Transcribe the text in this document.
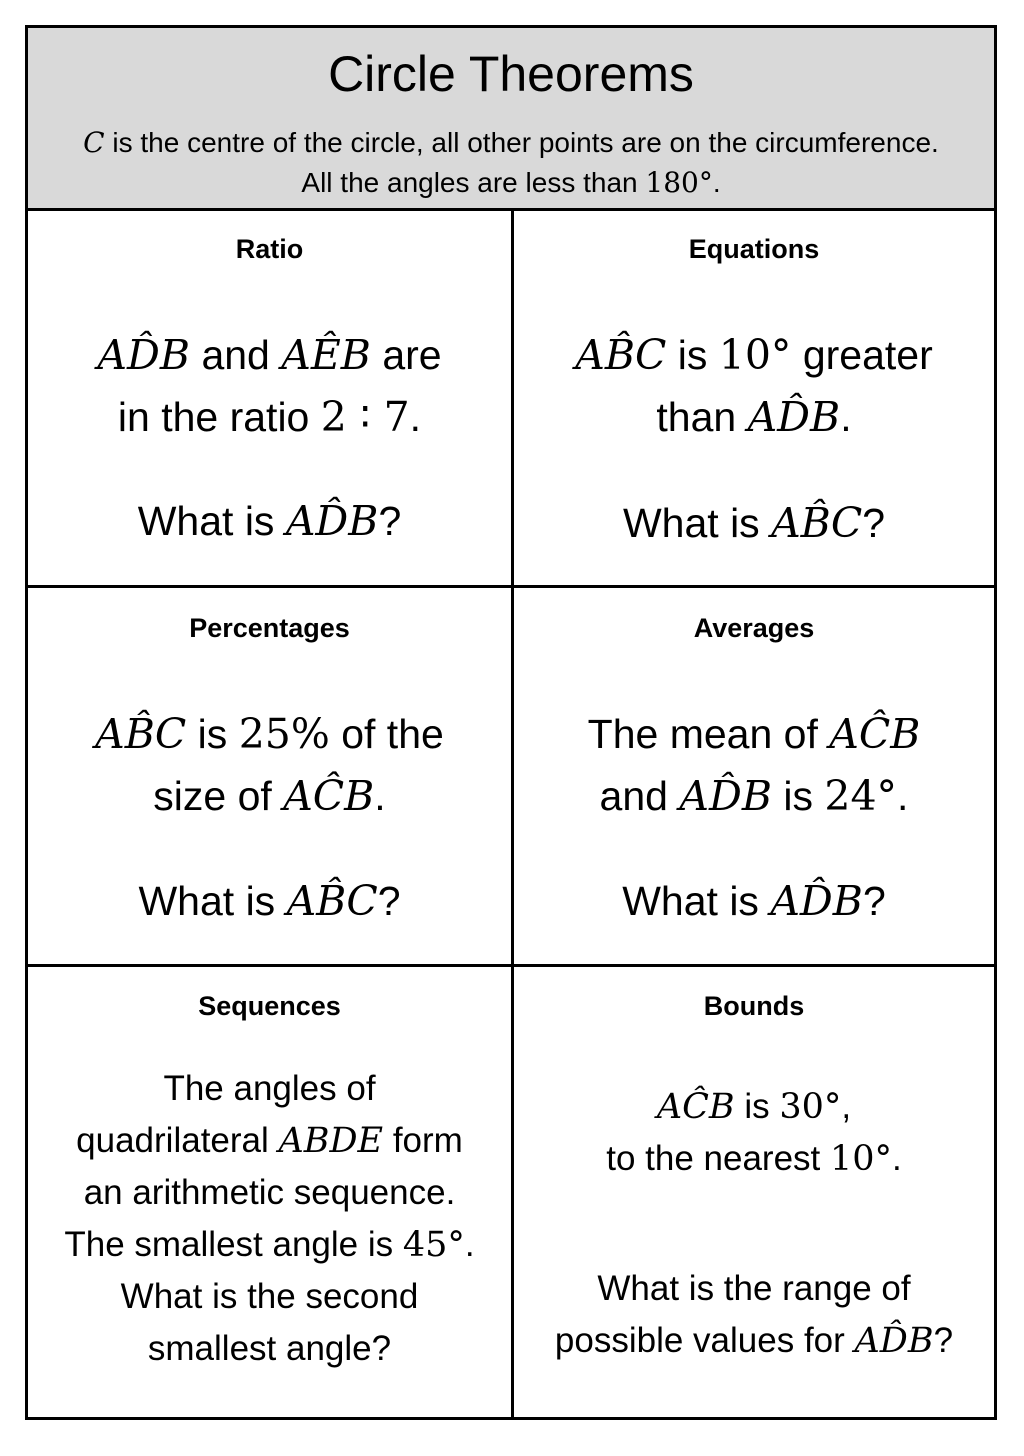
Circle Theorems
C is the centre of the circle, all other points are on the circumference.
All the angles are less than 180°.
Ratio
AD̂B and AÊB are
in the ratio 2 ∶ 7.
What is AD̂B?
Equations
AB̂C is 10° greater
than AD̂B.
What is AB̂C?
Percentages
AB̂C is 25% of the
size of AĈB.
What is AB̂C?
Averages
The mean of AĈB
and AD̂B is 24°.
What is AD̂B?
Sequences
The angles of
quadrilateral ABDE form
an arithmetic sequence.
The smallest angle is 45°.
What is the second
smallest angle?
Bounds
AĈB is 30°,
to the nearest 10°.
What is the range of
possible values for AD̂B?
